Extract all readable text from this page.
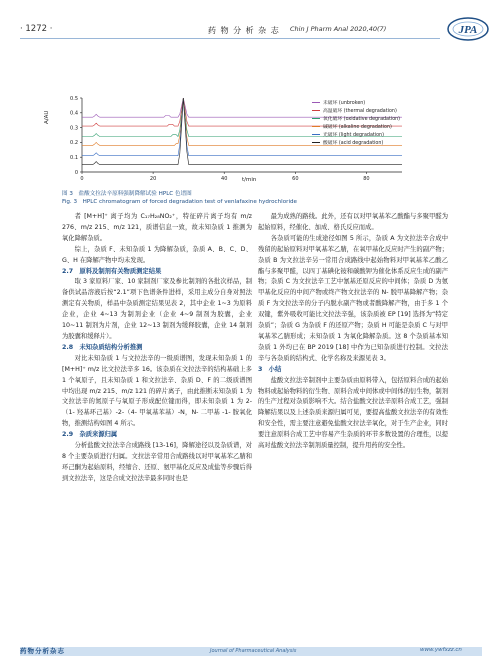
· 1272 ·	药 物 分 析 杂 志 Chin J Pharm Anal 2020,40(7)	JPA
0	20	40	60	80
0
0.1
0.2
0.3
0.4
0.5
未破坏 (unbroken)
高温破坏 (thermal degradation)
氧化破坏 (oxidative degradation)
碱破坏 (alkaline degradation)
光破坏 (light degradation)
酸破坏 (acid degradation)
A/AU
t/min
图 3　盐酸文拉法辛原料强制降解试验 HPLC 色谱图
Fig. 3　HPLC chromatogram of forced degradation test of venlafaxine hydrochloride

者 [M+H]⁺ 离子均为 C₁₇H₂₈NO₂⁺，特征碎片离子均有 m/z 276、m/z 215、m/z 121，质谱信息一致，故未知杂质 1 推测为氧化降解杂质。

综上，杂质 F、未知杂质 1 为降解杂质，杂质 A、B、C、D、G、H 在降解产物中均未发现。

2.7　原料及制剂有关物质测定结果

取 3 家原料厂家、10 家制剂厂家及参比制剂的各批次样品，制备供试品溶液后按“2.1”项下色谱条件进样，采用主成分自身对照法测定有关物质，样品中杂质测定结果见表 2，其中企业 1~3 为原料企业，企业 4~13 为制剂企业（企业 4~9 制剂为胶囊，企业 10~11 制剂为片剂，企业 12~13 制剂为缓释胶囊，企业 14 制剂为胶囊和缓释片）。

2.8　未知杂质结构分析推测

对比未知杂质 1 与文拉法辛的一级质谱图，发现未知杂质 1 的 [M+H]⁺ m/z 比文拉法辛多 16。该杂质在文拉法辛的结构基础上多 1 个氧原子，且未知杂质 1 和文拉法辛、杂质 D、F 的二级质谱图中均出现 m/z 215、m/z 121 的碎片离子，由此推断未知杂质 1 为文拉法辛的氮原子与氧原子形成配位键而得，即未知杂质 1 为 2-（1- 羟基环己基）-2-（4- 甲氧基苯基）-N，N- 二甲基 -1- 胺氧化物，推测结构如图 4 所示。

2.9　杂质来源归属

分析盐酸文拉法辛合成路线 [13-16]，降解途径以及杂质谱，对 8 个主要杂质进行归属。文拉法辛常用合成路线以对甲氧基苯乙腈和环己酮为起始原料，经缩合、还原、氨甲基化反应及成盐等步骤后得到文拉法辛，这是合成文拉法辛最多同时也是

最为成熟的路线。此外，还有以对甲氧基苯乙酸酯与多聚甲醛为起始原料，经催化、加成、格氏反应而成。

各杂质可能的生成途径如图 5 所示，杂质 A 为文拉法辛合成中残留的起始原料对甲氧基苯乙腈，在氧甲基化反应时产生的副产物；杂质 B 为文拉法辛另一常用合成路线中起始物料对甲氧基苯乙酸乙酯与多聚甲醛，以四丁基碘化铵和碳酸钾为催化体系反应生成的副产物；杂质 C 为文拉法辛工艺中氰基还原反应的中间体；杂质 D 为氨甲基化反应的中间产物或终产物文拉法辛的 N- 脱甲基降解产物；杂质 F 为文拉法辛的分子内脱水副产物或者酸降解产物，由于多 1 个双键，紫外吸收可能比文拉法辛强，该杂质被 EP [19] 选择为“特定杂质”；杂质 G 为杂质 F 的还原产物；杂质 H 可能是杂质 C 与对甲氧基苯乙腈形成；未知杂质 1 为氧化降解杂质。这 8 个杂质基本知杂质 1 外均已在 BP 2019 [18] 中作为已知杂质进行控制。文拉法辛与各杂质的结构式、化学名称及来源见表 3。

3　小结

盐酸文拉法辛制剂中主要杂质由原料带入，包括原料合成的起始物料或起始物料的衍生物、原料合成中间体或中间体的衍生物，制剂的生产过程对杂质影响不大。结合盐酸文拉法辛原料合成工艺，强制降解结果以及上述杂质来源归属可见，要提高盐酸文拉法辛的有效性和安全性，需主要注意避免盐酸文拉法辛氧化，对于生产企业，同时要注意原料合成工艺中容易产生杂质的环节多数设置的合理性，以提高对盐酸文拉法辛制剂质量控制，提升用药的安全性。

药物分析杂志	Journal of Pharmaceutical Analysis	www.ywfxzz.cn
